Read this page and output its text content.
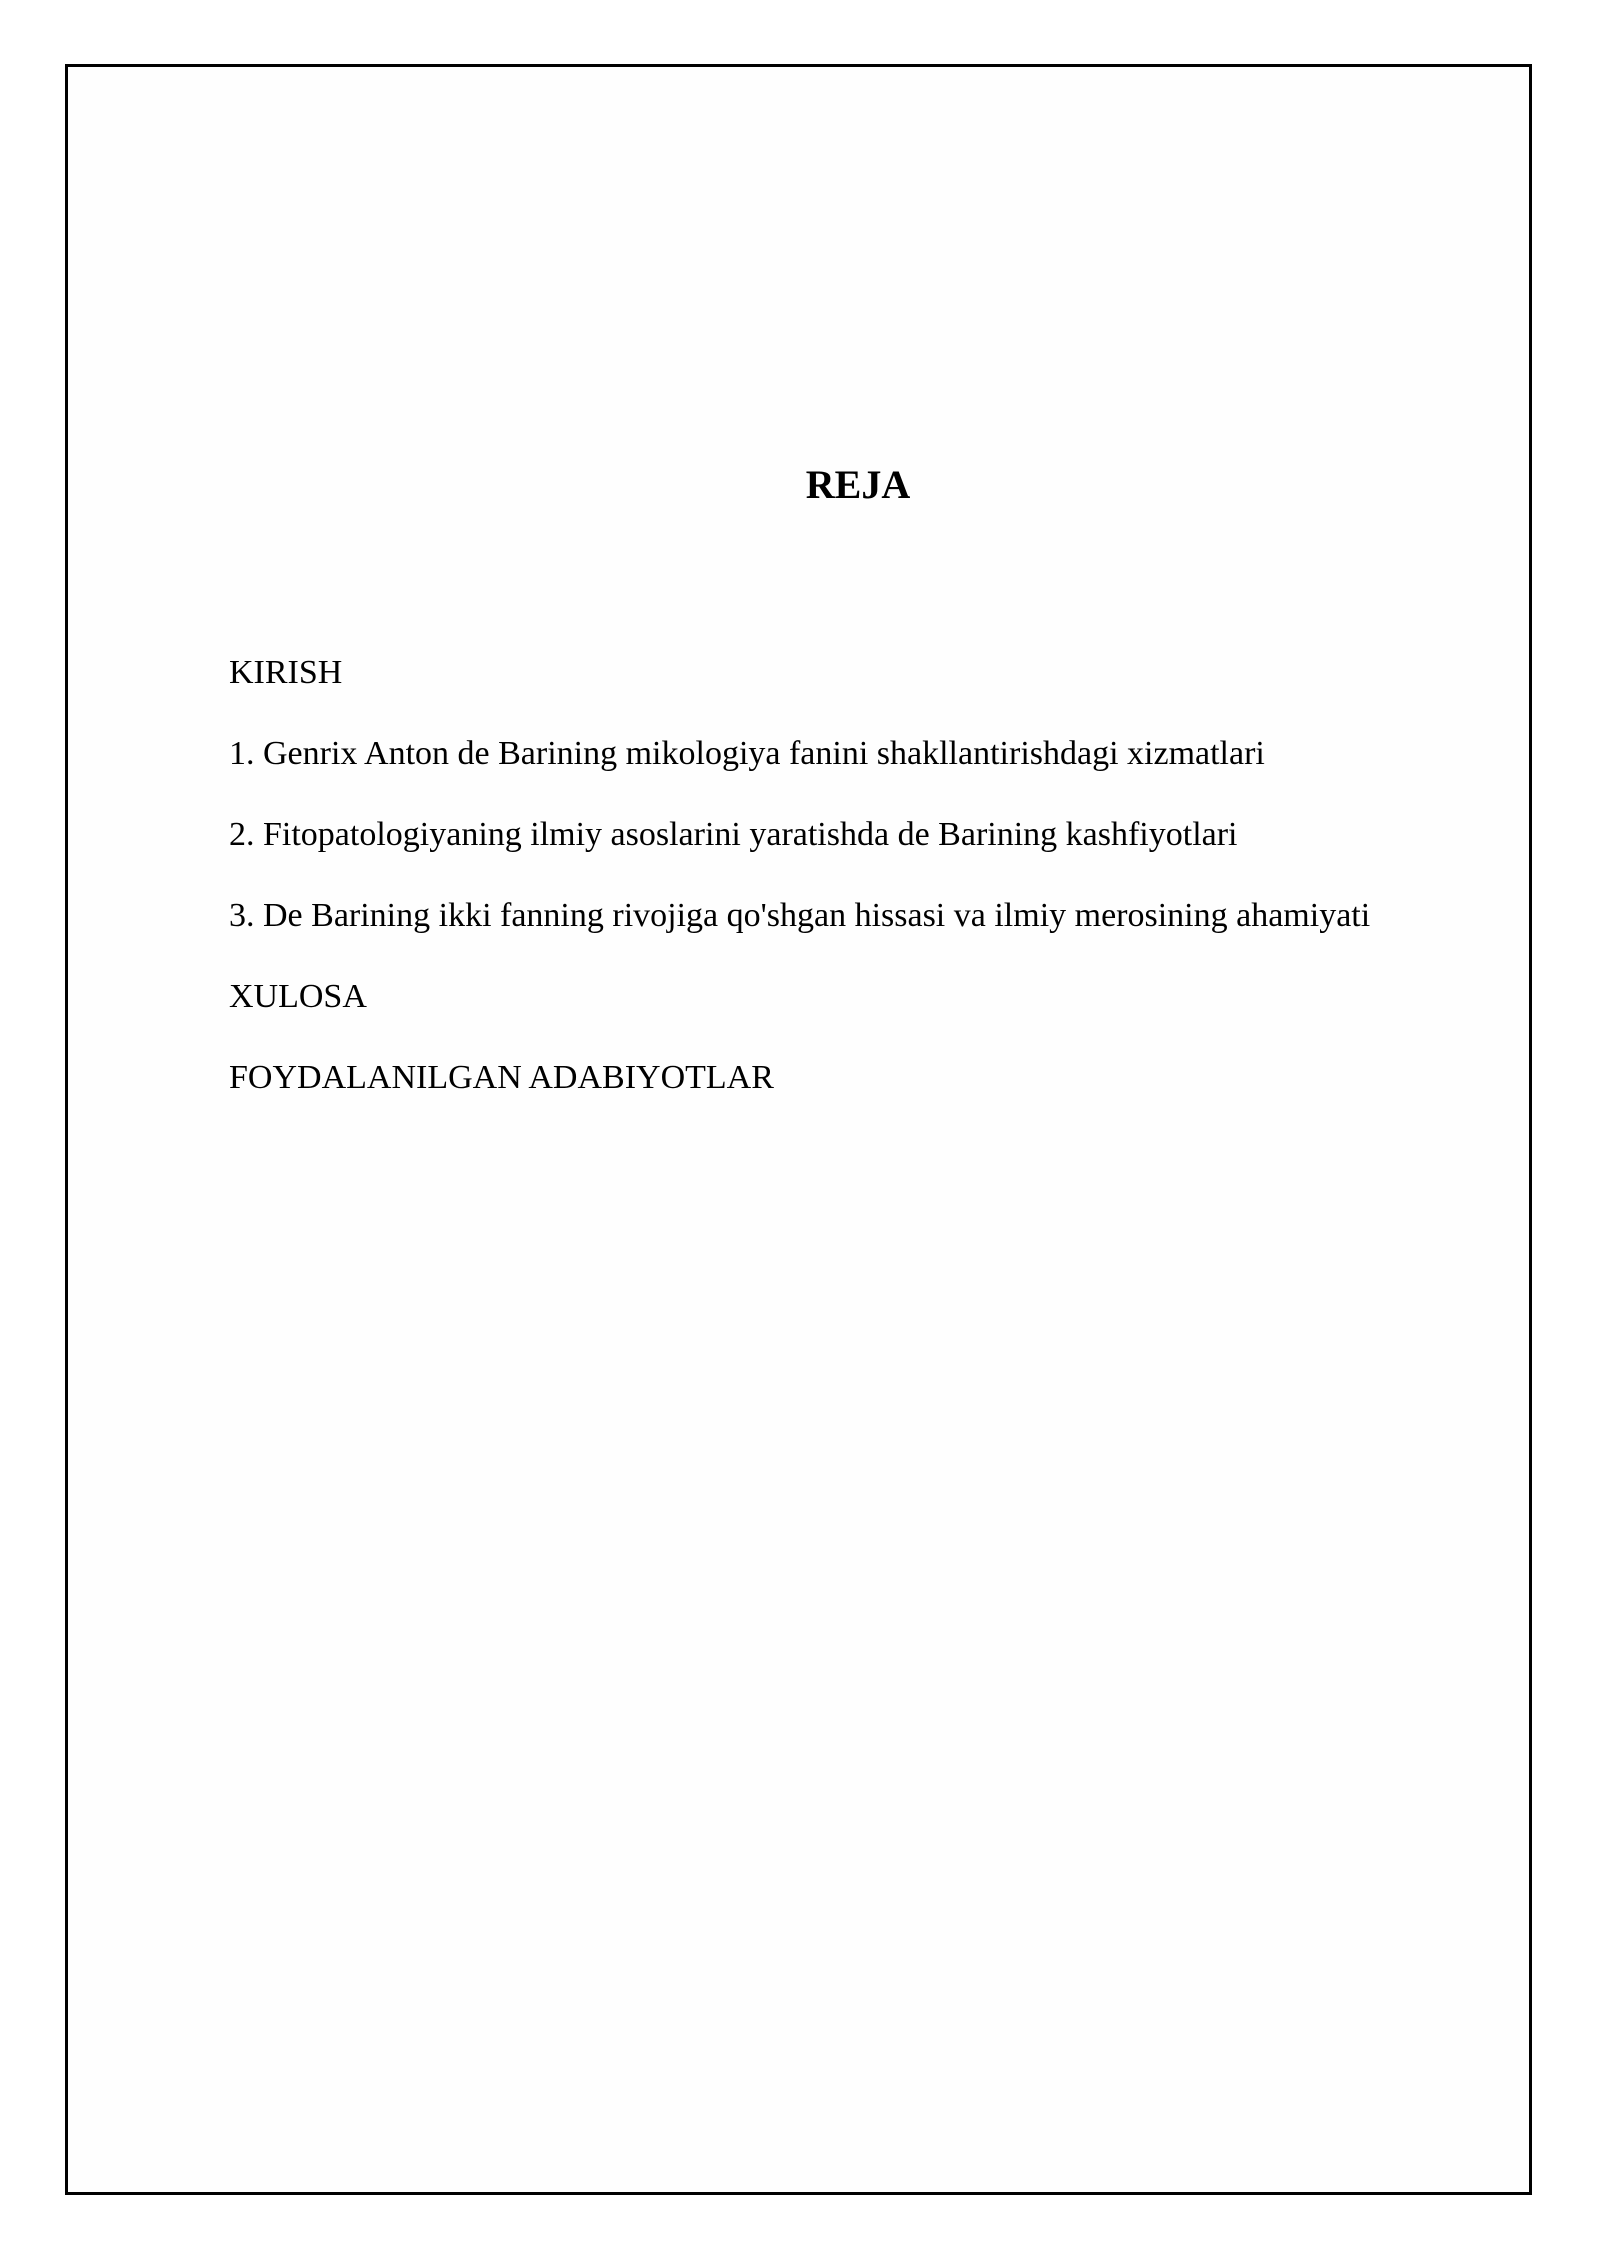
REJA
KIRISH
1. Genrix Anton de Barining mikologiya fanini shakllantirishdagi xizmatlari
2. Fitopatologiyaning ilmiy asoslarini yaratishda de Barining kashfiyotlari
3. De Barining ikki fanning rivojiga qo'shgan hissasi va ilmiy merosining ahamiyati
XULOSA
FOYDALANILGAN ADABIYOTLAR
